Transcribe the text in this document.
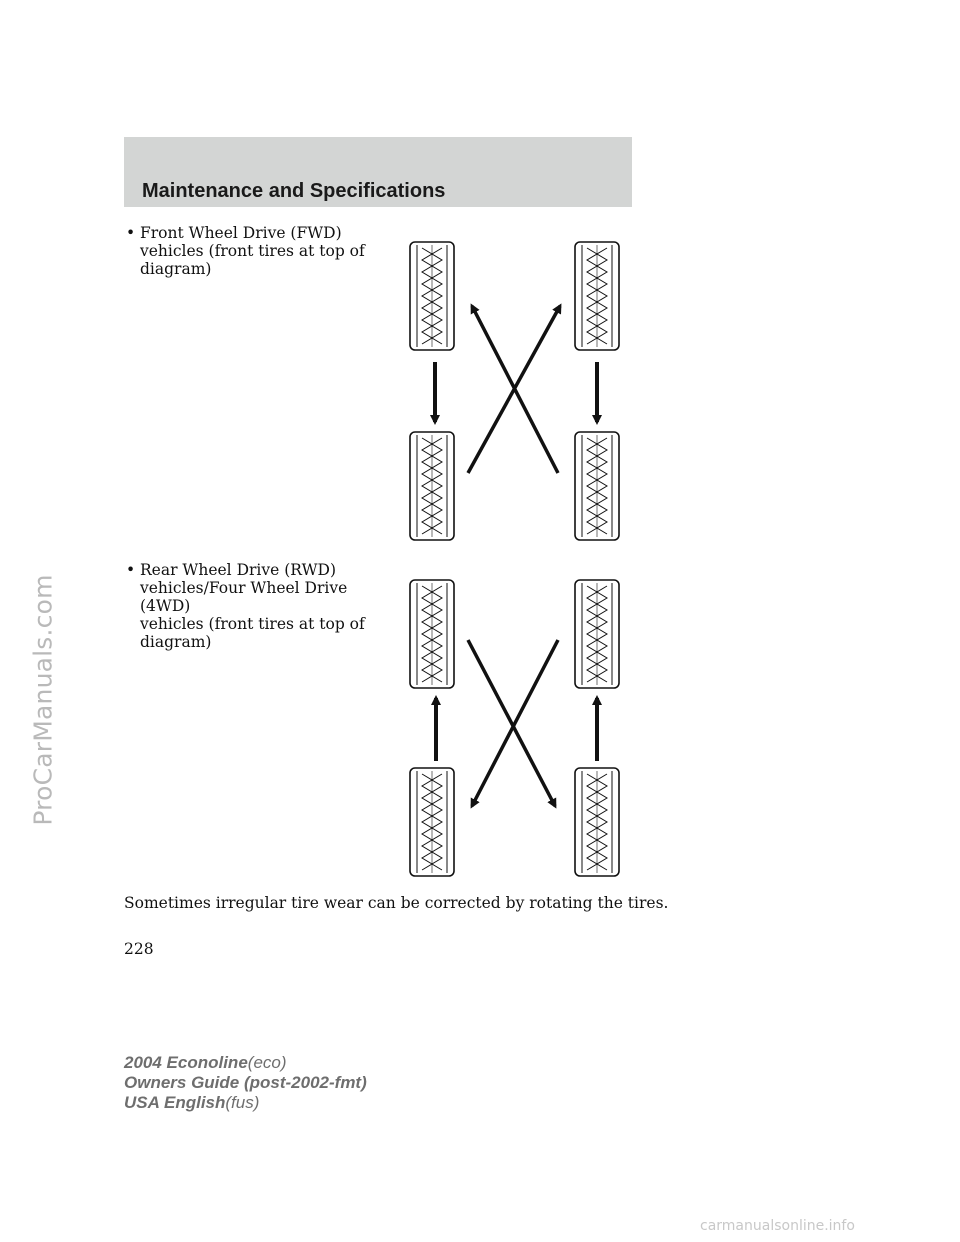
ProCarManuals.com
Maintenance and Specifications
• Front Wheel Drive (FWD)
vehicles (front tires at top of
diagram)
• Rear Wheel Drive (RWD)
vehicles/Four Wheel Drive (4WD)
vehicles (front tires at top of
diagram)
Sometimes irregular tire wear can be corrected by rotating the tires.
228
2004 Econoline(eco)
Owners Guide (post-2002-fmt)
USA English(fus)
carmanualsonline.info
